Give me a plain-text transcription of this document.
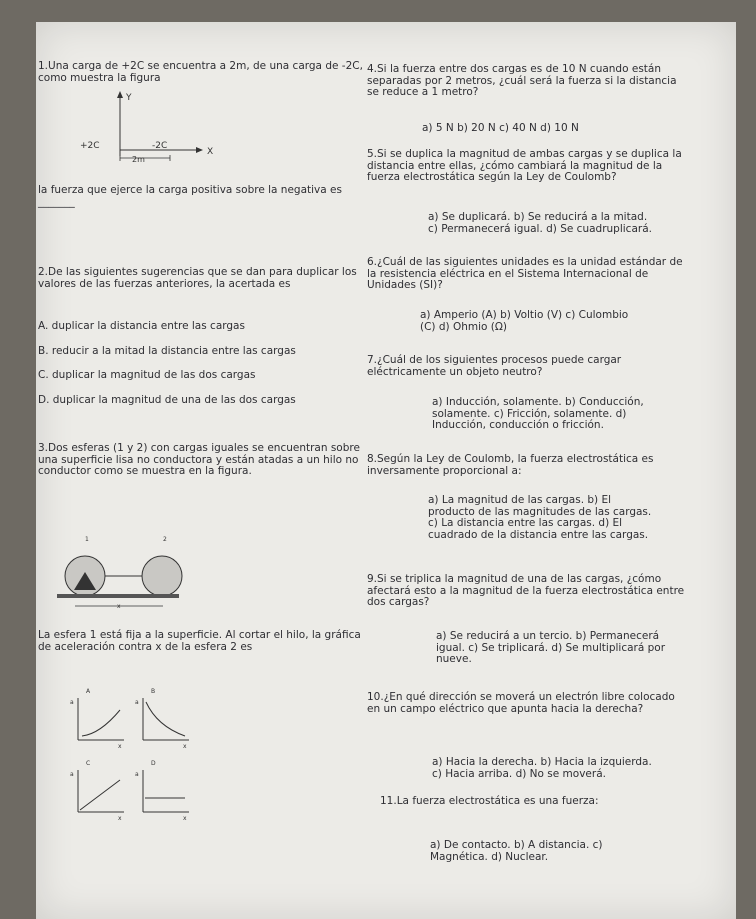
1.Una carga de +2C se encuentra a 2m, de una carga de -2C, como muestra la figura
Y
X
+2C	-2C
2m
la fuerza que ejerce la carga positiva sobre la negativa es _______
2.De las siguientes sugerencias que se dan para duplicar los valores de las fuerzas anteriores, la acertada es
A. duplicar la distancia entre las cargas
B. reducir a la mitad la distancia entre las cargas
C. duplicar la magnitud de las dos cargas
D. duplicar la magnitud de una de las dos cargas
3.Dos esferas (1 y 2) con cargas iguales se encuentran sobre una superficie lisa no conductora y están atadas a un hilo no conductor como se muestra en la figura.
1	2
x
La esfera 1 está fija a la superficie. Al cortar el hilo, la gráfica de aceleración contra x de la esfera 2 es
A
a
x
B
a
x
C
a
x
D
a
x
4.Si la fuerza entre dos cargas es de 10 N cuando están separadas por 2 metros, ¿cuál será la fuerza si la distancia se reduce a 1 metro?
a) 5 N b) 20 N c) 40 N d) 10 N
5.Si se duplica la magnitud de ambas cargas y se duplica la distancia entre ellas, ¿cómo cambiará la magnitud de la fuerza electrostática según la Ley de Coulomb?
a) Se duplicará. b) Se reducirá a la mitad.
c) Permanecerá igual. d) Se cuadruplicará.
6.¿Cuál de las siguientes unidades es la unidad estándar de la resistencia eléctrica en el Sistema Internacional de Unidades (SI)?
a) Amperio (A) b) Voltio (V) c) Culombio
(C) d) Ohmio (Ω)
7.¿Cuál de los siguientes procesos puede cargar eléctricamente un objeto neutro?
a) Inducción, solamente. b) Conducción,
solamente. c) Fricción, solamente. d)
Inducción, conducción o fricción.
8.Según la Ley de Coulomb, la fuerza electrostática es inversamente proporcional a:
a) La magnitud de las cargas. b) El
producto de las magnitudes de las cargas.
c) La distancia entre las cargas. d) El
cuadrado de la distancia entre las cargas.
9.Si se triplica la magnitud de una de las cargas, ¿cómo afectará esto a la magnitud de la fuerza electrostática entre dos cargas?
a) Se reducirá a un tercio. b) Permanecerá
igual. c) Se triplicará. d) Se multiplicará por
nueve.
10.¿En qué dirección se moverá un electrón libre colocado en un campo eléctrico que apunta hacia la derecha?
a) Hacia la derecha. b) Hacia la izquierda.
c) Hacia arriba. d) No se moverá.
11.La fuerza electrostática es una fuerza:
a) De contacto. b) A distancia. c)
Magnética. d) Nuclear.
